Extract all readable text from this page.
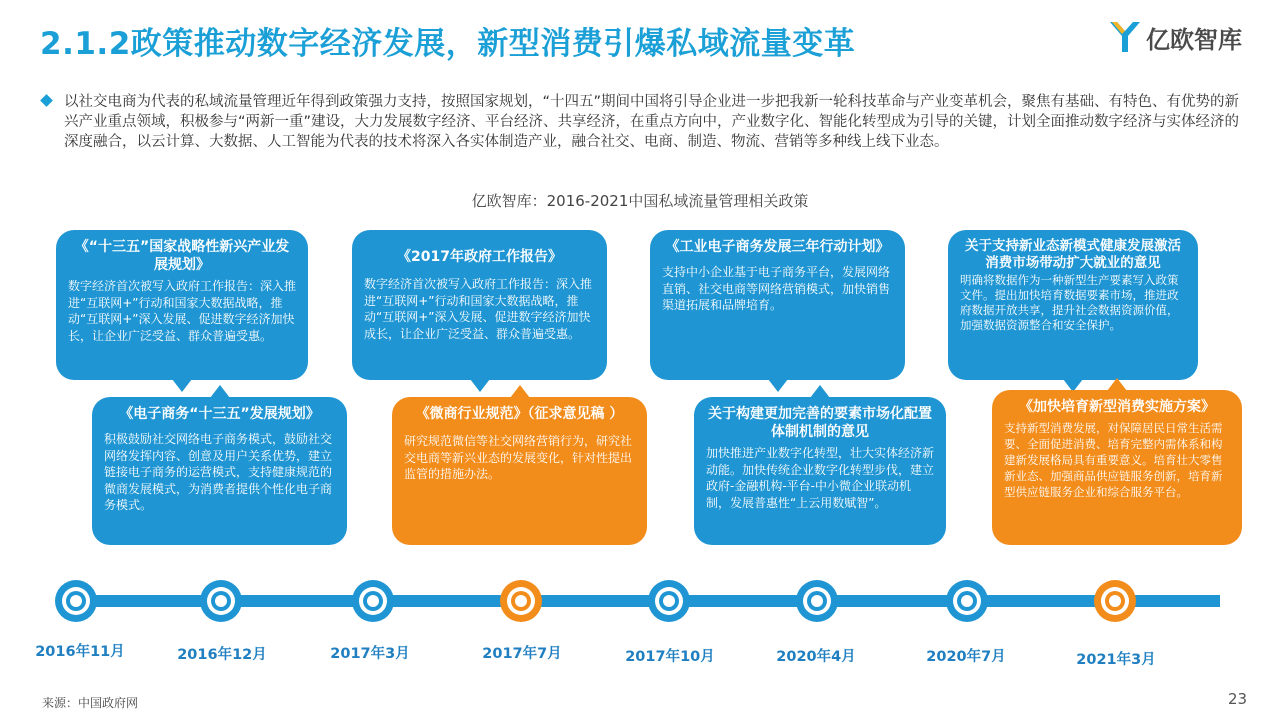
2.1.2政策推动数字经济发展，新型消费引爆私域流量变革	亿欧智库
以社交电商为代表的私域流量管理近年得到政策强力支持，按照国家规划，“十四五”期间中国将引导企业进一步把我新一轮科技革命与产业变革机会，聚焦有基础、有特色、有优势的新兴产业重点领域，积极参与“两新一重”建设，大力发展数字经济、平台经济、共享经济，在重点方向中，产业数字化、智能化转型成为引导的关键，计划全面推动数字经济与实体经济的深度融合，以云计算、大数据、人工智能为代表的技术将深入各实体制造产业，融合社交、电商、制造、物流、营销等多种线上线下业态。
亿欧智库：2016-2021中国私域流量管理相关政策
《“十三五”国家战略性新兴产业发展规划》
数字经济首次被写入政府工作报告：深入推进“互联网+”行动和国家大数据战略，推动“互联网+”深入发展、促进数字经济加快长，让企业广泛受益、群众普遍受惠。
《2017年政府工作报告》
数字经济首次被写入政府工作报告：深入推进“互联网+”行动和国家大数据战略，推动“互联网+”深入发展、促进数字经济加快成长，让企业广泛受益、群众普遍受惠。
《工业电子商务发展三年行动计划》
支持中小企业基于电子商务平台，发展网络直销、社交电商等网络营销模式，加快销售渠道拓展和品牌培育。
关于支持新业态新模式健康发展激活消费市场带动扩大就业的意见
明确将数据作为一种新型生产要素写入政策文件。提出加快培育数据要素市场，推进政府数据开放共享，提升社会数据资源价值，加强数据资源整合和安全保护。
《电子商务“十三五”发展规划》
积极鼓励社交网络电子商务模式，鼓励社交网络发挥内容、创意及用户关系优势，建立链接电子商务的运营模式，支持健康规范的微商发展模式，为消费者提供个性化电子商务模式。
《微商行业规范》（征求意见稿 ）
研究规范微信等社交网络营销行为，研究社交电商等新兴业态的发展变化，针对性提出监管的措施办法。
关于构建更加完善的要素市场化配置体制机制的意见
加快推进产业数字化转型，壮大实体经济新动能。加快传统企业数字化转型步伐，建立政府-金融机构-平台-中小微企业联动机制，发展普惠性“上云用数赋智”。
《加快培育新型消费实施方案》
支持新型消费发展，对保障居民日常生活需要、全面促进消费、培育完整内需体系和构建新发展格局具有重要意义。培育壮大零售新业态、加强商品供应链服务创新，培育新型供应链服务企业和综合服务平台。
2016年11月	2016年12月	2017年3月	2017年7月	2017年10月	2020年4月	2020年7月	2021年3月
来源：中国政府网	23
